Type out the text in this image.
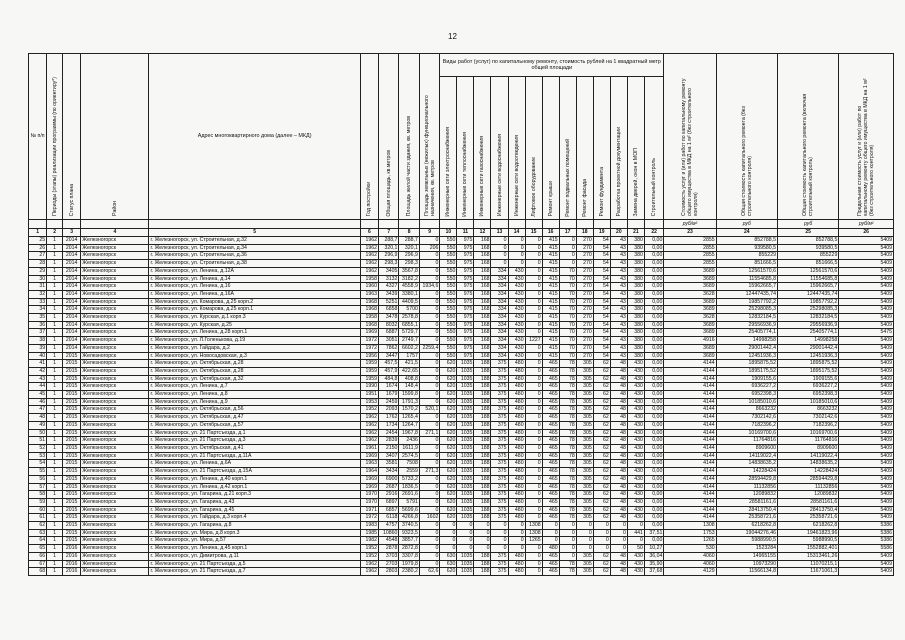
12
№ п/п	Периоды (этапы) реализации программы (по ориентиру*)	Статус плана	Район	Адрес многоквартирного дома (далее – МКД)	Год постройки	Общая площадь, кв.метров	Площадь жилой части здания, кв. метров	Площадь земельных (нежилых) функционального назначения, кв. метров	Виды работ (услуг) по капитальному ремонту, стоимость рублей на 1 квадратный метр общей площади													Стоимость услуг и (или) работ по капитальному ремонту общего имущества в МКД на 1 м² (без строительного контроля)	Общая стоимость капитального ремонта (без строительного контроля)	Общая стоимость капитального ремонта (включая строительный контроль)	Предельная стоимость услуг и (или) работ по капитальному ремонту общего имущества в МКД на 1 м² (без строительного контроля)
									Инженерные сети электроснабжения	Инженерные сети теплоснабжения	Инженерные сети газоснабжения	Инженерные сети водоснабжения	Инженерные сети водоотведения	Лифтовое оборудование	Ремонт крыши	Ремонт подвальных помещений	Ремонт фасада	Ремонт фундамента	Разработка проектной документации	Замена дверей, окон в МОП	Строительный контроль				
																						руб/м²	руб	руб	руб/м²
1	2	3	4	5	6	7	8	9	10	11	12	13	14	15	16	17	18	19	20	21	22	23	24	25	26
25	1	2014	Железногорск	г. Железногорск, ул. Строительная, д.32	1962	288,7	288,7	0	550	975	168	0	0	0	415	0	270	54	43	380	0,00	2855	852788,5	852788,5	5409
26	1	2014	Железногорск	г. Железногорск, ул. Строительная, д.34	1962	320,1	320,1	206	550	975	168	0	0	0	415	0	270	54	43	380	0,00	2855	939580,5	939580,5	5409
27	1	2014	Железногорск	г. Железногорск, ул. Строительная, д.36	1962	296,9	296,9	0	550	975	168	0	0	0	415	0	270	54	43	380	0,00	2855	855229	855229	5409
28	1	2014	Железногорск	г. Железногорск, ул. Строительная, д.38	1962	298,3	298,3	0	550	975	168	0	0	0	415	0	270	54	43	380	0,00	2855	851666,5	851666,5	5409
29	1	2014	Железногорск	г. Железногорск, ул. Ленина, д.12А	1962	3405	3567,8	0	550	975	168	334	430	0	415	70	270	54	43	380	0,00	3689	12561570,6	12561570,6	5409
30	1	2014	Железногорск	г. Железногорск, ул. Ленина, д.14	1958	3132	3182,2	0	550	975	168	334	430	0	415	70	270	54	43	380	0,00	3689	11554685,8	11554685,8	5409
31	1	2014	Железногорск	г. Железногорск, ул. Ленина, д.16	1960	4327	4558,9	1934,6	550	975	168	334	430	0	415	70	270	54	43	380	0,00	3689	15962665,7	15962665,7	5409
32	1	2014	Железногорск	г. Железногорск, ул. Ленина, д.16А	1963	3439	3380,1	0	550	975	168	334	430	0	415	70	270	54	43	380	0,00	3628	12447435,74	12447435,74	5409
33	1	2014	Железногорск	г. Железногорск, ул. Комарова, д.25 корп.2	1968	5251	4409,5	0	550	975	168	334	430	0	415	70	270	54	43	380	0,00	3689	19857792,2	19857792,2	5409
34	1	2014	Железногорск	г. Железногорск, ул. Комарова, д.25 корп.1	1968	6858	5700	0	550	975	168	334	430	0	415	70	270	54	43	380	0,00	3689	25298085,3	25298085,3	5409
35	1	2014	Железногорск	г. Железногорск, ул. Курская, д.1 корп.3	1958	3478	2578,8	0	550	975	168	334	430	0	415	70	270	54	43	380	0,00	3628	12832184,5	12832184,5	5409
36	1	2014	Железногорск	г. Железногорск, ул. Курская, д.25	1968	8032	6855,1	0	550	975	168	334	430	0	415	70	270	54	43	380	0,00	3689	29556936,9	29556936,9	5409
37	1	2014	Железногорск	г. Железногорск, ул. Ленина, д.28 корп.1	1969	6887	5729,7	0	550	975	168	334	430	0	415	70	270	54	43	380	0,00	3689	25405774,1	25405774,1	5475
38	1	2014	Железногорск	г. Железногорск, ул. Л.Голенькова, д.19	1972	3051	2749,7	0	550	975	168	334	430	1227	415	70	270	54	43	380	0,00	4916	14998258	14998258	5409
39	1	2014	Железногорск	г. Железногорск, ул. Гайдара, д.2	1972	7862	6602,2	2259,4	550	975	168	334	430	0	415	70	270	54	43	380	0,00	3689	29001442,4	29001442,4	5409
40	1	2015	Железногорск	г. Железногорск, ул. Новосадовская, д.3	1956	3447	1757	0	550	975	168	334	430	0	415	70	270	54	43	380	0,00	3689	12451936,3	12451936,3	5409
41	1	2015	Железногорск	г. Железногорск, ул. Октябрьская, д.28	1959	457,5	421,5	0	620	1035	188	375	480	0	465	78	305	62	48	430	0,00	4144	1895875,52	1895875,52	5409
42	1	2015	Железногорск	г. Железногорск, ул. Октябрьская, д.28	1959	457,9	422,65	0	620	1035	188	375	480	0	465	78	305	62	48	430	0,00	4144	1895175,52	1895175,52	5409
43	1	2015	Железногорск	г. Железногорск, ул. Октябрьская, д.32	1959	484,8	408,8	0	620	1035	188	375	480	0	465	78	305	62	48	430	0,00	4144	1909155,6	1909155,6	5409
44	1	2015	Железногорск	г. Железногорск, ул. Ленина, д.7	1990	1674	148,4	0	620	1035	188	375	480	0	465	78	305	62	48	430	0,00	4144	6936227,2	6936227,2	5409
45	1	2015	Железногорск	г. Железногорск, ул. Ленина, д.8	1951	1679	1599,8	0	620	1035	188	375	480	0	465	78	305	62	48	430	0,00	4144	6952398,3	6952398,3	5409
46	1	2015	Железногорск	г. Железногорск, ул. Ленина, д.9	1953	2459	1791,3	0	620	1035	188	375	480	0	465	78	305	62	48	430	0,00	4144	10185010,6	10185010,6	5409
47	1	2015	Железногорск	г. Железногорск, ул. Октябрьская, д.56	1952	2093	1570,2	520,1	620	1035	188	375	480	0	465	78	305	62	48	430	0,00	4144	8663232	8663232	5409
48	1	2015	Железногорск	г. Железногорск, ул. Октябрьская, д.47	1962	1762	1265,4	0	620	1035	188	375	480	0	465	78	305	62	48	430	0,00	4144	7302142,6	7302142,6	5409
49	1	2015	Железногорск	г. Железногорск, ул. Октябрьская, д.57	1962	1734	1264,7	0	620	1035	188	375	480	0	465	78	305	62	48	430	0,00	4144	7182396,2	7182396,2	5409
50	1	2015	Железногорск	г. Железногорск, ул. 21 Партсъезда, д.1	1962	2454	1967,8	271,1	620	1035	188	375	480	0	465	78	305	62	48	430	0,00	4144	10169700,6	10169700,6	5409
51	1	2015	Железногорск	г. Железногорск, ул. 21 Партсъезда, д.3	1962	2839	2436	0	620	1035	188	375	480	0	465	78	305	62	48	430	0,00	4144	11764816	11764816	5409
52	1	2015	Железногорск	г. Железногорск, ул. Октябрьская, д.41	1961	2150	1611,9	0	620	1035	188	375	480	0	465	78	305	62	48	430	0,00	4144	8909600	8909600	5409
53	1	2015	Железногорск	г. Железногорск, ул. 21 Партсъезда, д.11А	1969	3407	2574,5	0	620	1035	188	375	480	0	465	78	305	62	48	430	0,00	4144	14119022,4	14119022,4	5409
54	1	2015	Железногорск	г. Железногорск, ул. Ленина, д.6А	1963	3581	7508	0	620	1035	188	375	480	0	465	78	305	62	48	430	0,00	4144	14838635,2	14838635,2	5409
55	1	2015	Железногорск	г. Железногорск, ул. 21 Партсъезда, д.15А	1964	3434	2559	271,3	620	1035	188	375	480	0	465	78	305	62	48	430	0,00	4144	14228424	14228424	5409
56	1	2015	Железногорск	г. Железногорск, ул. Ленина, д.40 корп.1	1969	6900	5733,2	0	620	1035	188	375	480	0	465	78	305	62	48	430	0,00	4144	28594429,8	28594429,8	5409
57	1	2015	Железногорск	г. Железногорск, ул. Ленина, д.42 корп.1	1969	2687	1836,5	0	620	1035	188	375	480	0	465	78	305	62	48	430	0,00	4144	11132856	11132856	5409
58	1	2015	Железногорск	г. Железногорск, ул. Гагарина, д.21 корп.3	1970	2916	2691,6	0	620	1035	188	375	480	0	465	78	305	62	48	430	0,00	4144	12089832	12089832	5409
59	1	2015	Железногорск	г. Железногорск, ул. Гагарина, д.43	1970	6897	5791	0	620	1035	188	375	480	0	465	78	305	62	48	430	0,00	4144	28581161,6	28581161,6	5409
60	1	2015	Железногорск	г. Железногорск, ул. Гагарина, д.45	1971	6857	5699,6	0	620	1035	188	375	480	0	465	78	305	62	48	430	0,00	4144	28413750,4	28413750,4	5409
61	1	2015	Железногорск	г. Железногорск, ул. Гайдара, д.3 корп.4	1972	6118	4266,8	1602	620	1035	188	375	480	0	465	78	305	62	48	430	0,00	4144	25358721,6	25358721,6	5409
62	1	2015	Железногорск	г. Железногорск, ул. Гагарина, д.8	1983	4757	3740,5	0	0	0	0	0	0	1308	0	0	0	0	0	0	0,00	1308	6218262,8	6218262,8	5386
63	1	2015	Железногорск	г. Железногорск, ул. Мира, д.8 корп.3	1985	10860	9323,5	0	0	0	0	0	0	1308	0	0	0	0	0	441	37,51	1753	19044276,46	19461823,96	5386
64	1	2015	Железногорск	г. Железногорск, ул. Мира, д.57	1982	4548	3857,7	0	0	0	0	0	0	1265	0	0	0	0	0	0	0,00	1265	5988990,5	5988990,5	5386
65	1	2016	Железногорск	г. Железногорск, ул. Ленина, д.45 корп.1	1952	2878	2872,8	0	0	0	0	0	0	0	480	0	0	0	0	50	10,27	530	1523284	1552882,401	5586
66	1	2016	Железногорск	г. Железногорск, ул. Димитрова, д.11	1952	3703	3307,8	0	630	1035	188	375	480	0	465	0	305	62	48	430	36,04	4060	14965155	15313461,26	5409
67	1	2016	Железногорск	г. Железногорск, ул. 21 Партсъезда, д.5	1962	2703	1979,8	0	630	1035	188	375	480	0	465	78	305	62	48	430	35,90	4060	10973290	11070215,1	5409
68	1	2016	Железногорск	г. Железногорск, ул. 21 Партсъезда, д.7	1962	2803	2380,2	62,6	620	1035	188	375	480	0	465	78	305	62	48	430	37,68	4129	11566134,8	11671061,3	5409
